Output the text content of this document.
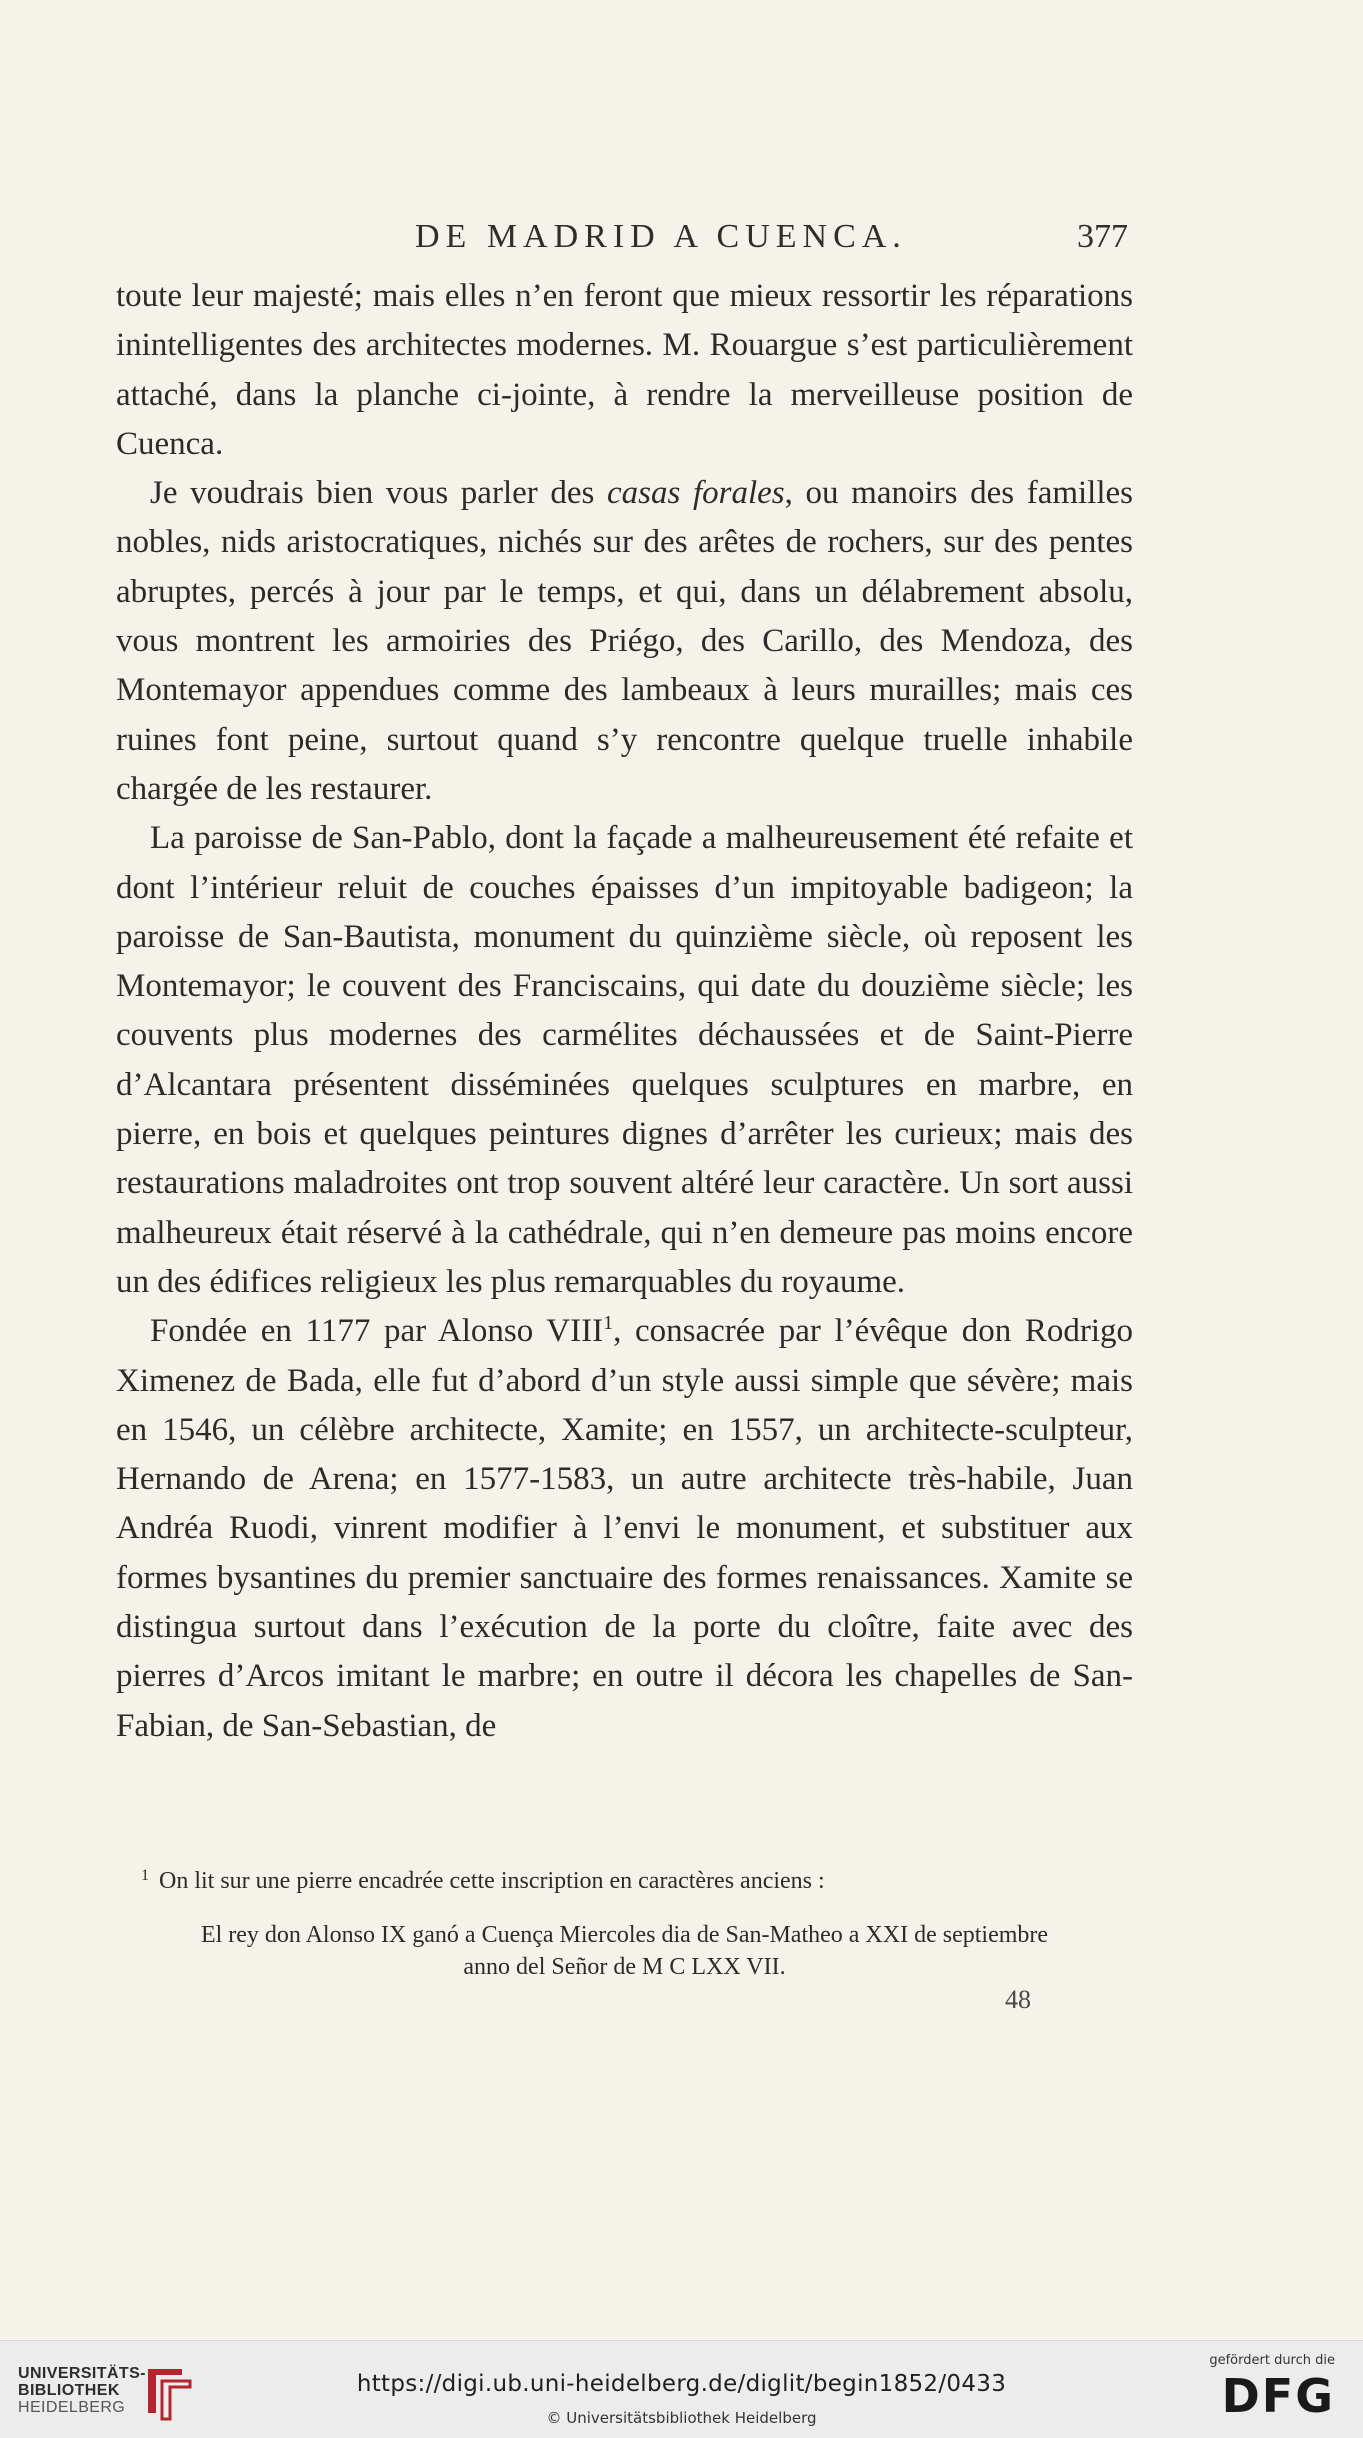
DE MADRID A CUENCA.	377

toute leur majesté; mais elles n’en feront que mieux ressortir les réparations inintelligentes des architectes modernes. M. Rouargue s’est particulièrement attaché, dans la planche ci-jointe, à rendre la merveilleuse position de Cuenca.

Je voudrais bien vous parler des casas forales, ou manoirs des familles nobles, nids aristocratiques, nichés sur des arêtes de rochers, sur des pentes abruptes, percés à jour par le temps, et qui, dans un délabrement absolu, vous montrent les armoiries des Priégo, des Carillo, des Mendoza, des Montemayor appendues comme des lambeaux à leurs murailles; mais ces ruines font peine, surtout quand s’y rencontre quelque truelle inhabile chargée de les restaurer.

La paroisse de San-Pablo, dont la façade a malheureusement été refaite et dont l’intérieur reluit de couches épaisses d’un impitoyable badigeon; la paroisse de San-Bautista, monument du quinzième siècle, où reposent les Montemayor; le couvent des Franciscains, qui date du douzième siècle; les couvents plus modernes des carmélites déchaussées et de Saint-Pierre d’Alcantara présentent disséminées quelques sculptures en marbre, en pierre, en bois et quelques peintures dignes d’arrêter les curieux; mais des restaurations maladroites ont trop souvent altéré leur caractère. Un sort aussi malheureux était réservé à la cathédrale, qui n’en demeure pas moins encore un des édifices religieux les plus remarquables du royaume.

Fondée en 1177 par Alonso VIII$^1$, consacrée par l’évêque don Rodrigo Ximenez de Bada, elle fut d’abord d’un style aussi simple que sévère; mais en 1546, un célèbre architecte, Xamite; en 1557, un architecte-sculpteur, Hernando de Arena; en 1577-1583, un autre architecte très-habile, Juan Andréa Ruodi, vinrent modifier à l’envi le monument, et substituer aux formes bysantines du premier sanctuaire des formes renaissances. Xamite se distingua surtout dans l’exécution de la porte du cloître, faite avec des pierres d’Arcos imitant le marbre; en outre il décora les chapelles de San-Fabian, de San-Sebastian, de

$^1$ On lit sur une pierre encadrée cette inscription en caractères anciens :

El rey don Alonso IX ganó a Cuença Miercoles dia de San-Matheo a XXI de septiembre
anno del Señor de M C LXX VII.

48
UNIVERSITÄTS-
BIBLIOTHEK
HEIDELBERG
https://digi.ub.uni-heidelberg.de/diglit/begin1852/0433
© Universitätsbibliothek Heidelberg
gefördert durch die
DFG
